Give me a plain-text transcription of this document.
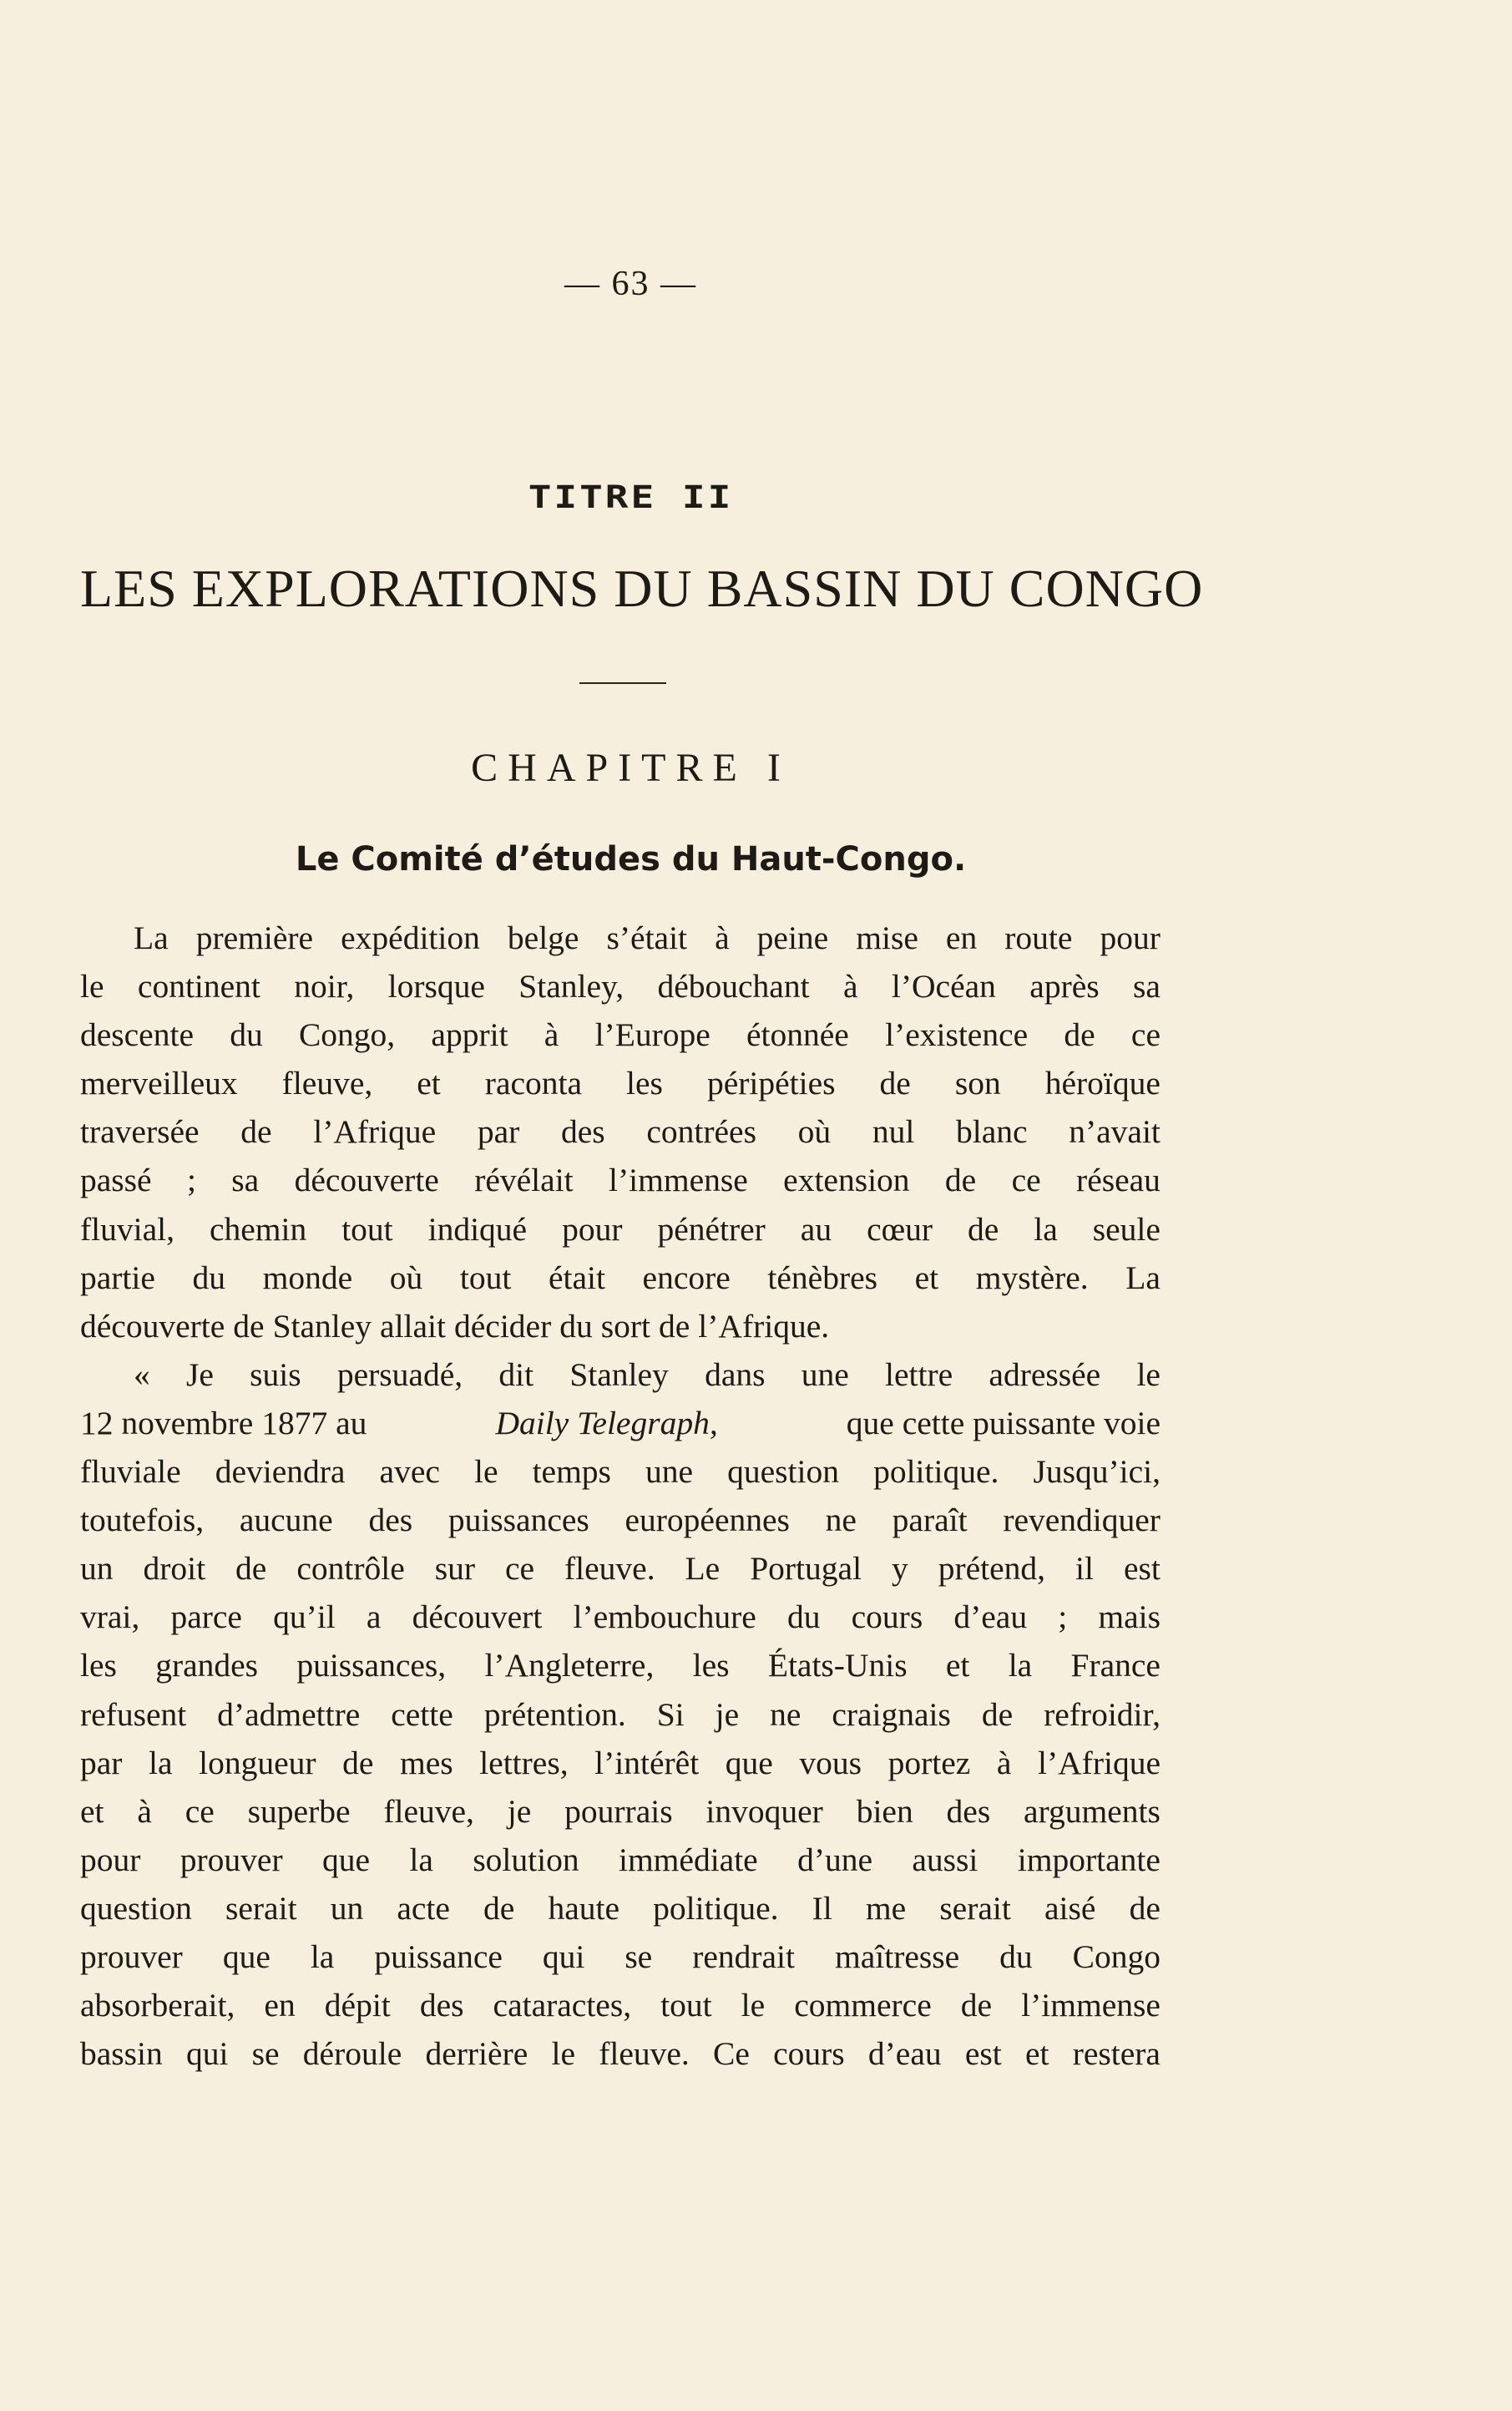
— 63 —
TITRE II
LES EXPLORATIONS DU BASSIN DU CONGO
CHAPITRE I
Le Comité d’études du Haut-Congo.
La première expédition belge s’était à peine mise en route pour
le continent noir, lorsque Stanley, débouchant à l’Océan après sa
descente du Congo, apprit à l’Europe étonnée l’existence de ce
merveilleux fleuve, et raconta les péripéties de son héroïque
traversée de l’Afrique par des contrées où nul blanc n’avait
passé ; sa découverte révélait l’immense extension de ce réseau
fluvial, chemin tout indiqué pour pénétrer au cœur de la seule
partie du monde où tout était encore ténèbres et mystère. La
découverte de Stanley allait décider du sort de l’Afrique.
« Je suis persuadé, dit Stanley dans une lettre adressée le
12 novembre 1877 au	Daily Telegraph,	que cette puissante voie
fluviale deviendra avec le temps une question politique. Jusqu’ici,
toutefois, aucune des puissances européennes ne paraît revendiquer
un droit de contrôle sur ce fleuve. Le Portugal y prétend, il est
vrai, parce qu’il a découvert l’embouchure du cours d’eau ; mais
les grandes puissances, l’Angleterre, les États-Unis et la France
refusent d’admettre cette prétention. Si je ne craignais de refroidir,
par la longueur de mes lettres, l’intérêt que vous portez à l’Afrique
et à ce superbe fleuve, je pourrais invoquer bien des arguments
pour prouver que la solution immédiate d’une aussi importante
question serait un acte de haute politique. Il me serait aisé de
prouver que la puissance qui se rendrait maîtresse du Congo
absorberait, en dépit des cataractes, tout le commerce de l’immense
bassin qui se déroule derrière le fleuve. Ce cours d’eau est et restera
